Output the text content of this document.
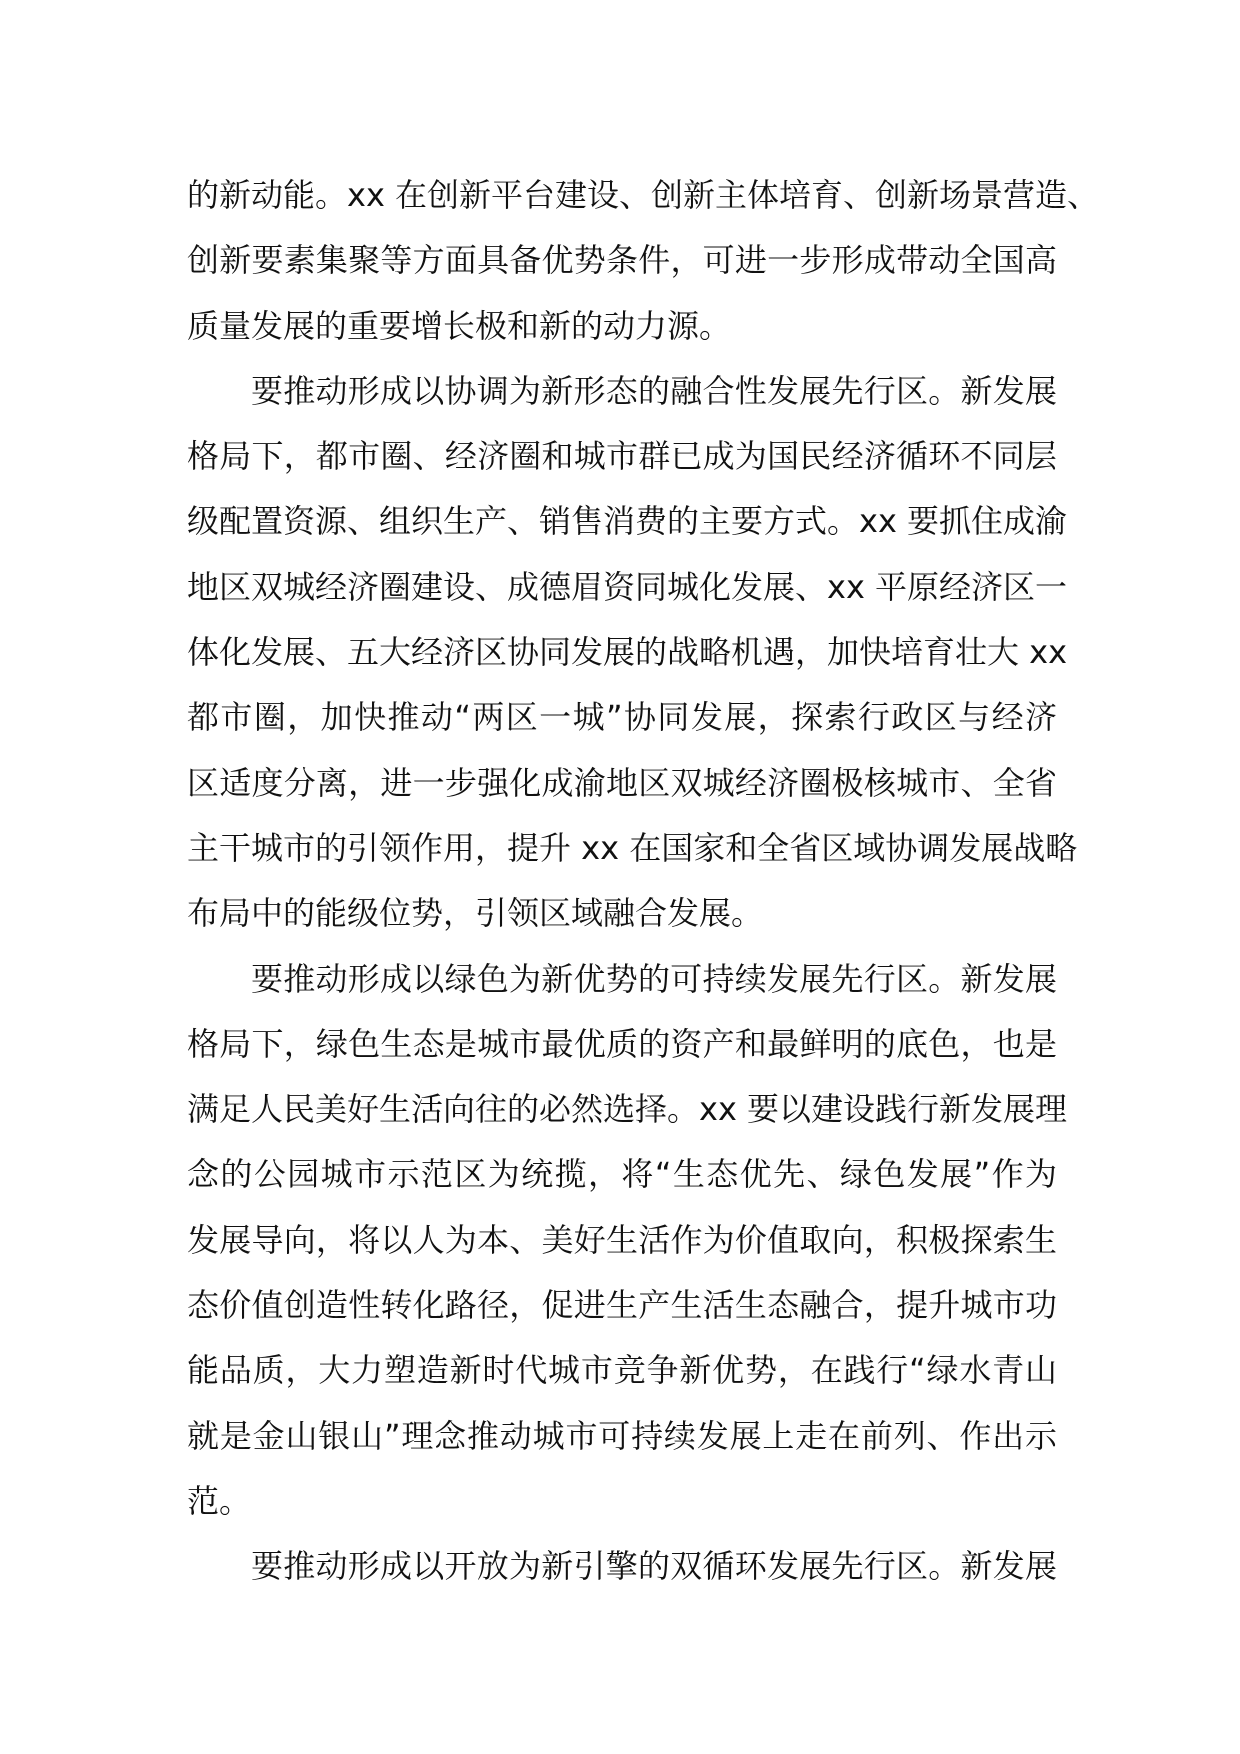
的新动能。xx 在创新平台建设、创新主体培育、创新场景营造、
创新要素集聚等方面具备优势条件，可进一步形成带动全国高
质量发展的重要增长极和新的动力源。
要推动形成以协调为新形态的融合性发展先行区。新发展
格局下，都市圈、经济圈和城市群已成为国民经济循环不同层
级配置资源、组织生产、销售消费的主要方式。xx 要抓住成渝
地区双城经济圈建设、成德眉资同城化发展、xx 平原经济区一
体化发展、五大经济区协同发展的战略机遇，加快培育壮大 xx
都市圈，加快推动“两区一城”协同发展，探索行政区与经济
区适度分离，进一步强化成渝地区双城经济圈极核城市、全省
主干城市的引领作用，提升 xx 在国家和全省区域协调发展战略
布局中的能级位势，引领区域融合发展。
要推动形成以绿色为新优势的可持续发展先行区。新发展
格局下，绿色生态是城市最优质的资产和最鲜明的底色，也是
满足人民美好生活向往的必然选择。xx 要以建设践行新发展理
念的公园城市示范区为统揽，将“生态优先、绿色发展”作为
发展导向，将以人为本、美好生活作为价值取向，积极探索生
态价值创造性转化路径，促进生产生活生态融合，提升城市功
能品质，大力塑造新时代城市竞争新优势，在践行“绿水青山
就是金山银山”理念推动城市可持续发展上走在前列、作出示
范。
要推动形成以开放为新引擎的双循环发展先行区。新发展
